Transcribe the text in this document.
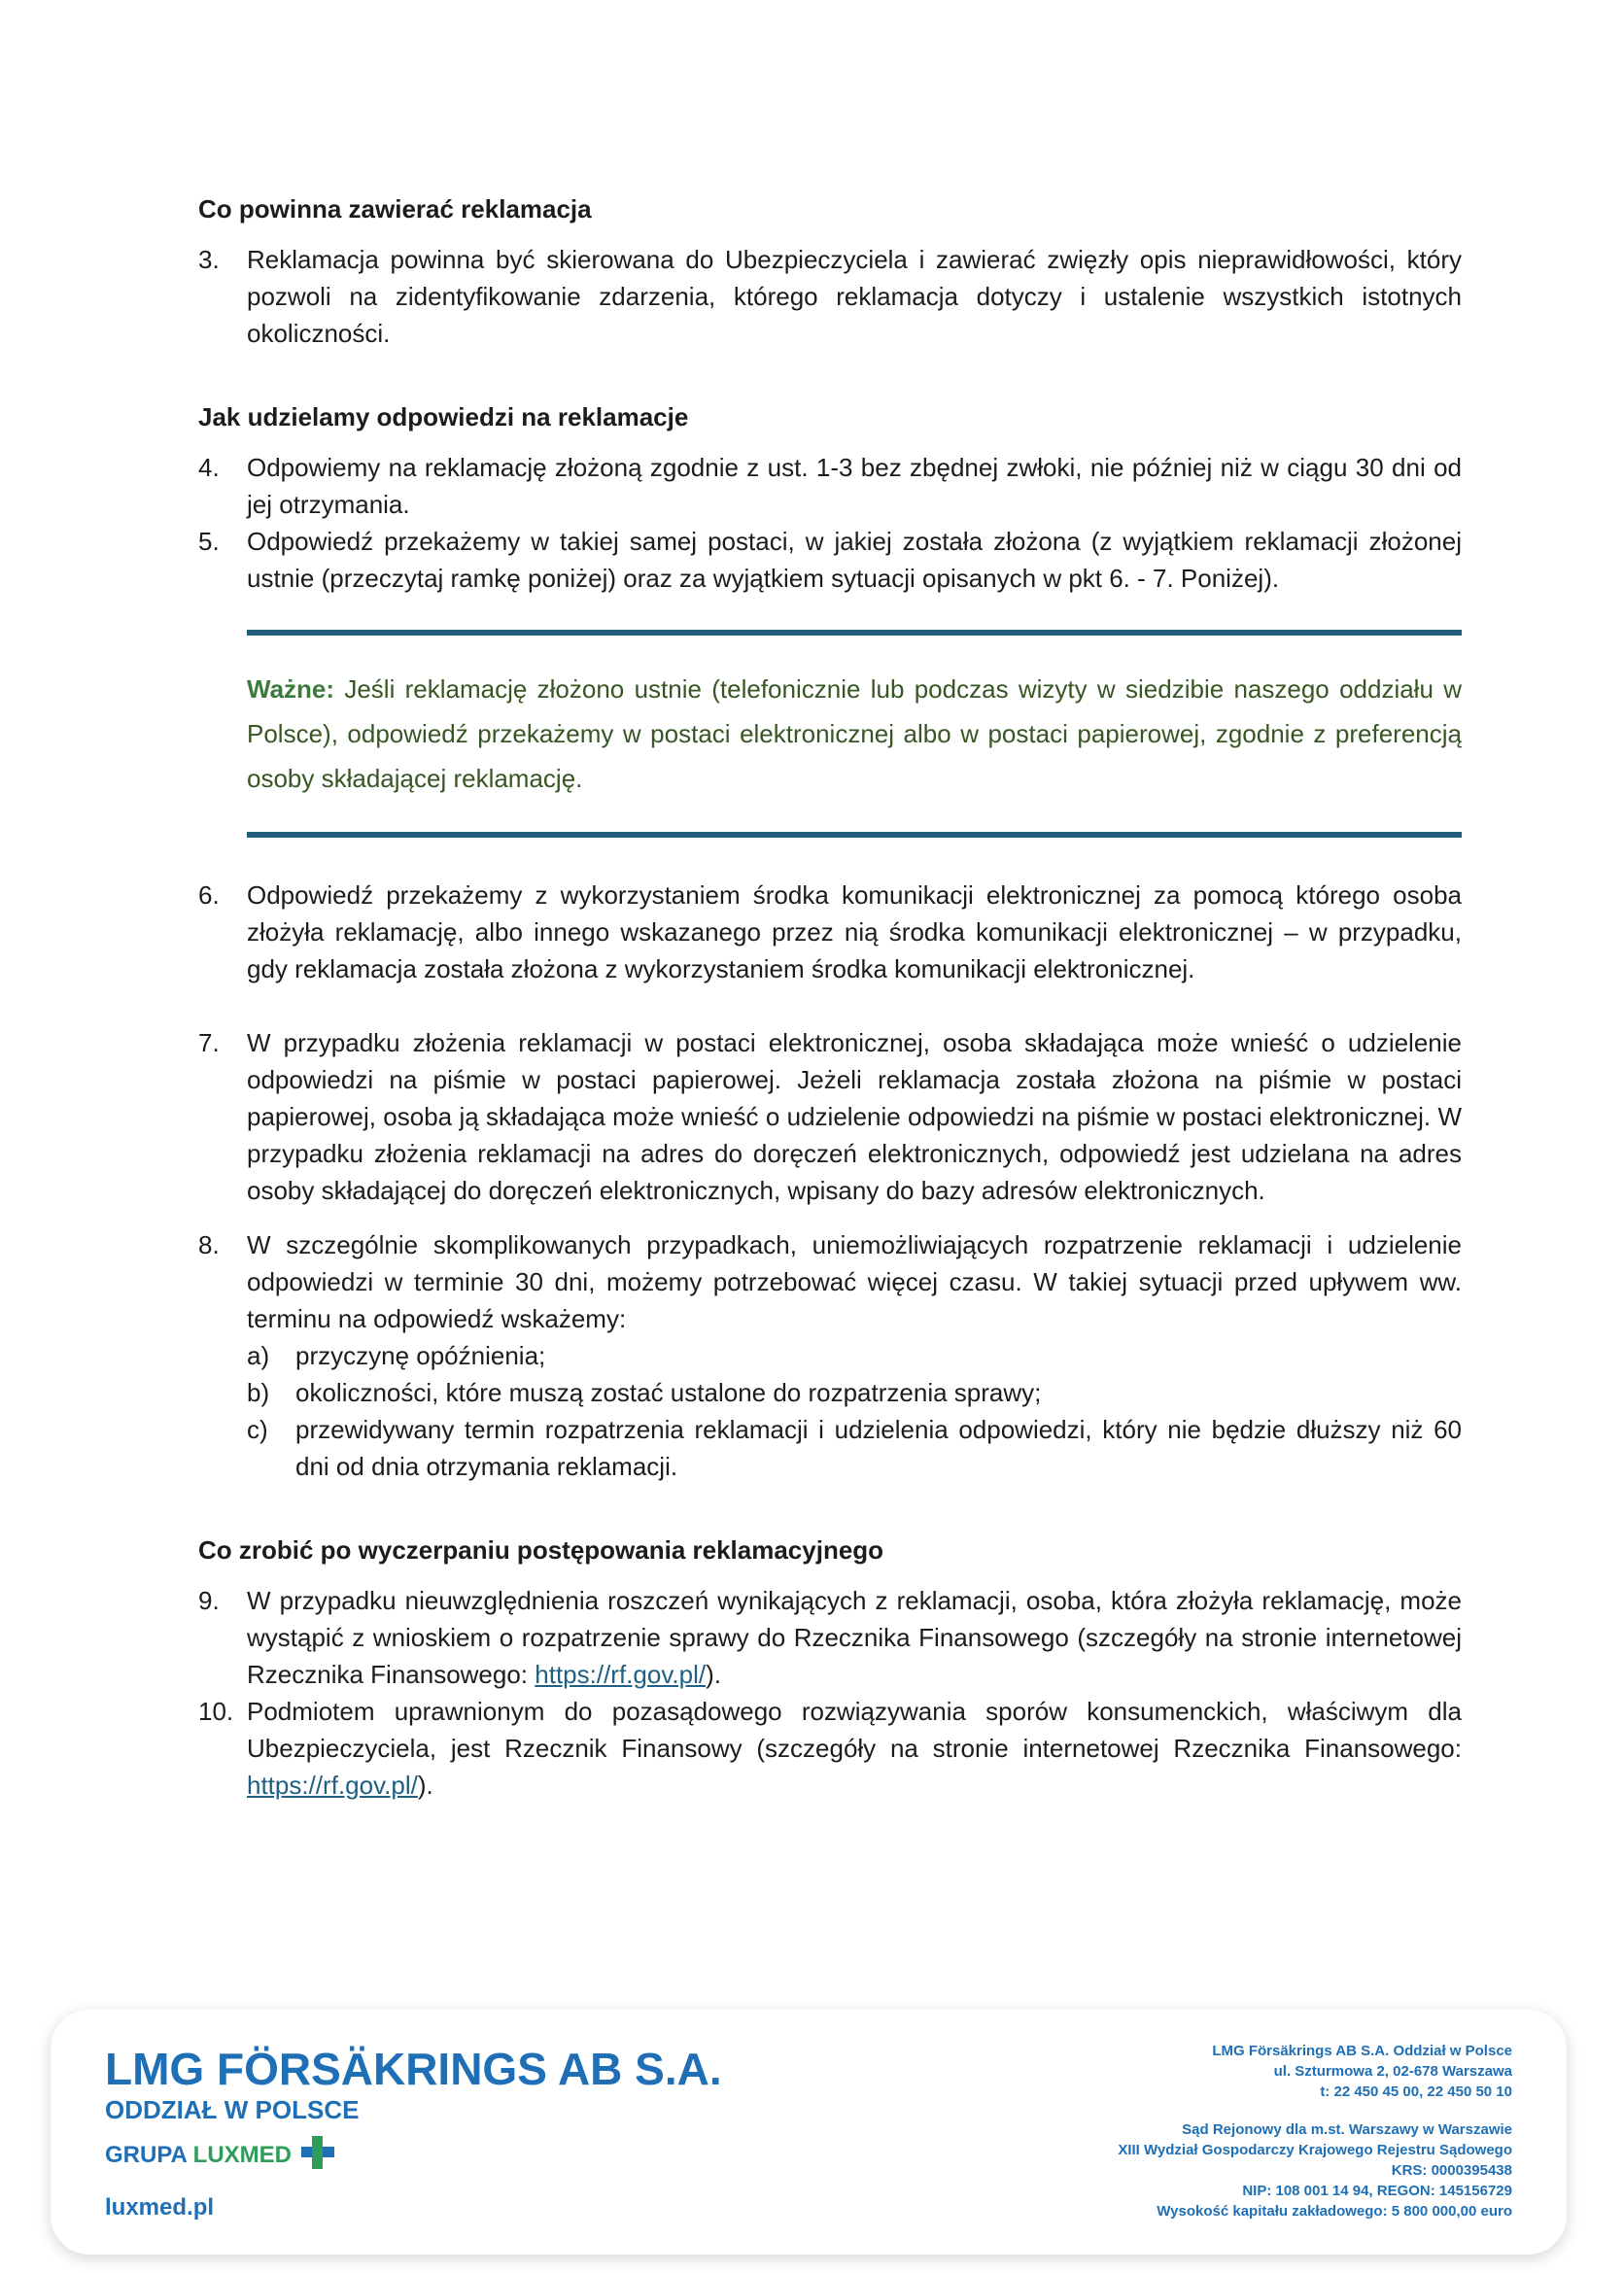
Co powinna zawierać reklamacja

3.	Reklamacja powinna być skierowana do Ubezpieczyciela i zawierać zwięzły opis nieprawidłowości, który pozwoli na zidentyfikowanie zdarzenia, którego reklamacja dotyczy i ustalenie wszystkich istotnych okoliczności.

Jak udzielamy odpowiedzi na reklamacje

4.	Odpowiemy na reklamację złożoną zgodnie z ust. 1-3 bez zbędnej zwłoki, nie później niż w ciągu 30 dni od jej otrzymania.
5.	Odpowiedź przekażemy w takiej samej postaci, w jakiej została złożona (z wyjątkiem reklamacji złożonej ustnie (przeczytaj ramkę poniżej) oraz za wyjątkiem sytuacji opisanych w pkt 6. - 7. Poniżej).

Ważne: Jeśli reklamację złożono ustnie (telefonicznie lub podczas wizyty w siedzibie naszego oddziału w Polsce), odpowiedź przekażemy w postaci elektronicznej albo w postaci papierowej, zgodnie z preferencją osoby składającej reklamację.

6.	Odpowiedź przekażemy z wykorzystaniem środka komunikacji elektronicznej za pomocą którego osoba złożyła reklamację, albo innego wskazanego przez nią środka komunikacji elektronicznej – w przypadku, gdy reklamacja została złożona z wykorzystaniem środka komunikacji elektronicznej.
7.	W przypadku złożenia reklamacji w postaci elektronicznej, osoba składająca może wnieść o udzielenie odpowiedzi na piśmie w postaci papierowej. Jeżeli reklamacja została złożona na piśmie w postaci papierowej, osoba ją składająca może wnieść o udzielenie odpowiedzi na piśmie w postaci elektronicznej. W przypadku złożenia reklamacji na adres do doręczeń elektronicznych, odpowiedź jest udzielana na adres osoby składającej do doręczeń elektronicznych, wpisany do bazy adresów elektronicznych.
8.	W szczególnie skomplikowanych przypadkach, uniemożliwiających rozpatrzenie reklamacji i udzielenie odpowiedzi w terminie 30 dni, możemy potrzebować więcej czasu. W takiej sytuacji przed upływem ww. terminu na odpowiedź wskażemy:
a)	przyczynę opóźnienia;
b)	okoliczności, które muszą zostać ustalone do rozpatrzenia sprawy;
c)	przewidywany termin rozpatrzenia reklamacji i udzielenia odpowiedzi, który nie będzie dłuższy niż 60 dni od dnia otrzymania reklamacji.

Co zrobić po wyczerpaniu postępowania reklamacyjnego

9.	W przypadku nieuwzględnienia roszczeń wynikających z reklamacji, osoba, która złożyła reklamację, może wystąpić z wnioskiem o rozpatrzenie sprawy do Rzecznika Finansowego (szczegóły na stronie internetowej Rzecznika Finansowego: https://rf.gov.pl/).
10. Podmiotem uprawnionym do pozasądowego rozwiązywania sporów konsumenckich, właściwym dla Ubezpieczyciela, jest Rzecznik Finansowy (szczegóły na stronie internetowej Rzecznika Finansowego: https://rf.gov.pl/).
LMG FÖRSÄKRINGS AB S.A.
ODDZIAŁ W POLSCE
GRUPA LUXMED
luxmed.pl
LMG Försäkrings AB S.A. Oddział w Polsce
ul. Szturmowa 2, 02-678 Warszawa
t: 22 450 45 00, 22 450 50 10
Sąd Rejonowy dla m.st. Warszawy w Warszawie
XIII Wydział Gospodarczy Krajowego Rejestru Sądowego
KRS: 0000395438
NIP: 108 001 14 94, REGON: 145156729
Wysokość kapitału zakładowego: 5 800 000,00 euro
